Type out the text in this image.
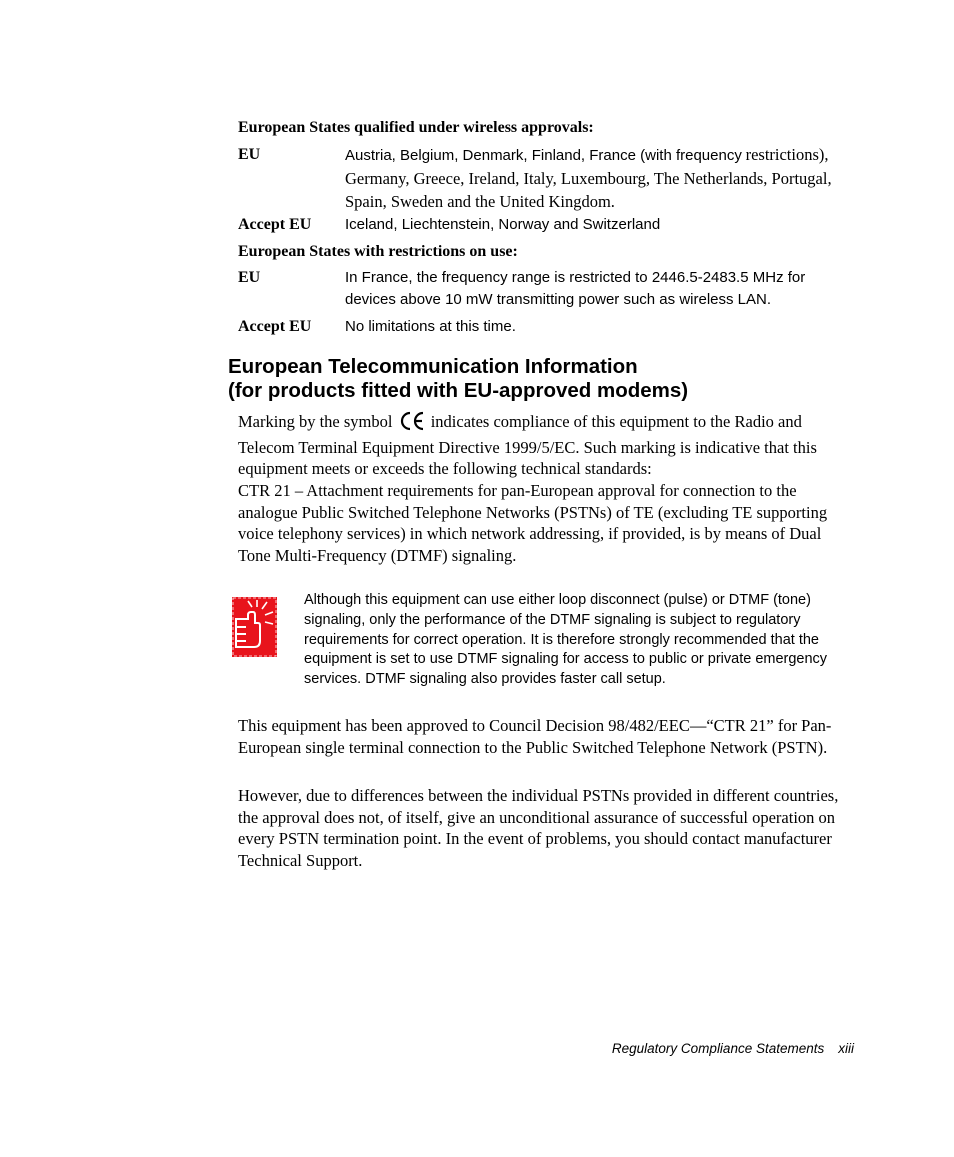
European States qualified under wireless approvals:
EU	Austria, Belgium, Denmark, Finland, France (with frequency restrictions), Germany, Greece, Ireland, Italy, Luxembourg, The Netherlands, Portugal, Spain, Sweden and the United Kingdom.
Accept EU Iceland, Liechtenstein, Norway and Switzerland
European States with restrictions on use:
EU	In France, the frequency range is restricted to 2446.5-2483.5 MHz for devices above 10 mW transmitting power such as wireless LAN.
Accept EU No limitations at this time.
European Telecommunication Information
(for products fitted with EU-approved modems)

Marking by the symbol indicates compliance of this equipment to the Radio and Telecom Terminal Equipment Directive 1999/5/EC. Such marking is indicative that this equipment meets or exceeds the following technical standards:

CTR 21 – Attachment requirements for pan-European approval for connection to the analogue Public Switched Telephone Networks (PSTNs) of TE (excluding TE supporting voice telephony services) in which network addressing, if provided, is by means of Dual Tone Multi-Frequency (DTMF) signaling.

Although this equipment can use either loop disconnect (pulse) or DTMF (tone) signaling, only the performance of the DTMF signaling is subject to regulatory requirements for correct operation. It is therefore strongly recommended that the equipment is set to use DTMF signaling for access to public or private emergency services. DTMF signaling also provides faster call setup.

This equipment has been approved to Council Decision 98/482/EEC—“CTR 21” for Pan-European single terminal connection to the Public Switched Telephone Network (PSTN).

However, due to differences between the individual PSTNs provided in different countries, the approval does not, of itself, give an unconditional assurance of successful operation on every PSTN termination point. In the event of problems, you should contact manufacturer Technical Support.

Regulatory Compliance Statements xiii
